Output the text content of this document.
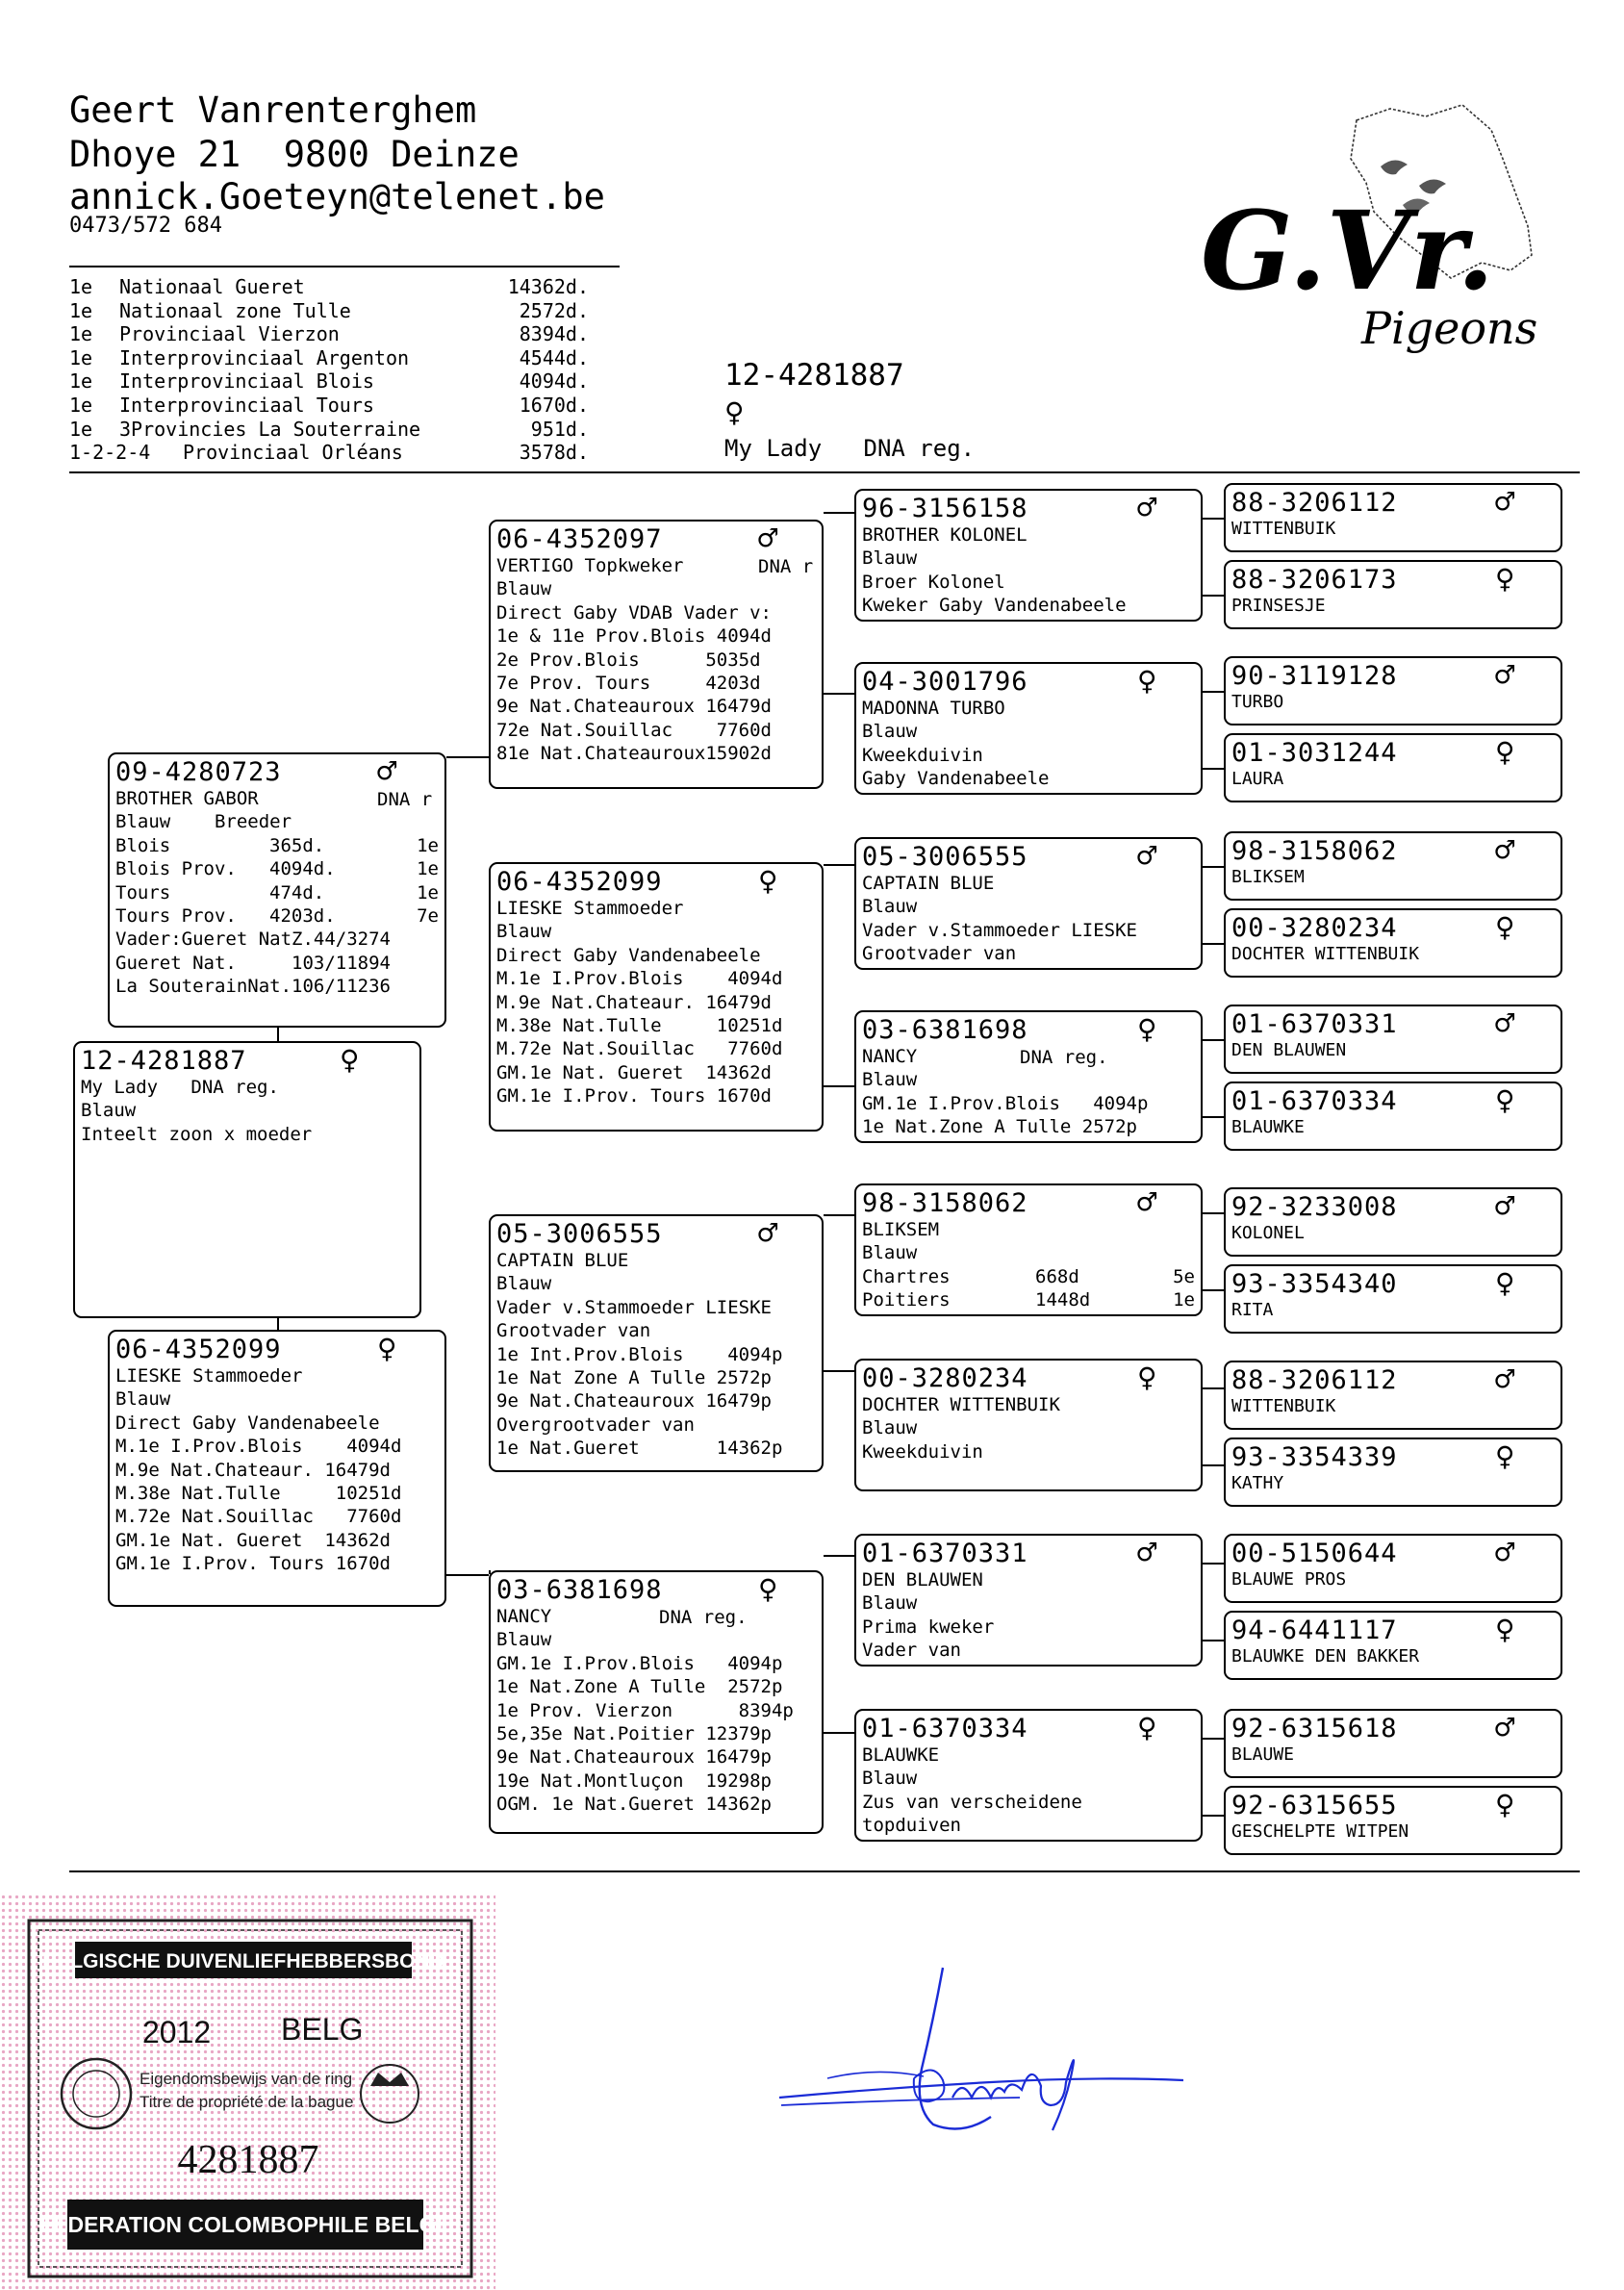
Geert Vanrenterghem
Dhoye 21  9800 Deinze
annick.Goeteyn@telenet.be
0473/572 684
1e	Nationaal Gueret	14362d.
1e	Nationaal zone Tulle	2572d.
1e	Provinciaal Vierzon	8394d.
1e	Interprovinciaal Argenton	4544d.
1e	Interprovinciaal Blois	4094d.
1e	Interprovinciaal Tours	1670d.
1e	3Provincies La Souterraine	951d.
1-2-2-4	Provinciaal Orléans	3578d.
12-4281887
♀
My Lady   DNA reg.
G.Vr.
Pigeons
12-4281887	♀
My Lady   DNA reg.
Blauw
Inteelt zoon x moeder
09-4280723	♂
DNA r
BROTHER GABOR
Blauw    Breeder
Blois	365d.	1e
Blois Prov. 4094d.	1e
Tours	474d.	1e
Tours Prov. 4203d.	7e
Vader:Gueret NatZ.44/3274
Gueret Nat.     103/11894
La SouterainNat.106/11236
06-4352099	♀
LIESKE Stammoeder
Blauw
Direct Gaby Vandenabeele
M.1e I.Prov.Blois    4094d
M.9e Nat.Chateaur. 16479d
M.38e Nat.Tulle     10251d
M.72e Nat.Souillac   7760d
GM.1e Nat. Gueret  14362d
GM.1e I.Prov. Tours 1670d
06-4352097	♂
DNA r
VERTIGO Topkweker
Blauw
Direct Gaby VDAB Vader v:
1e & 11e Prov.Blois 4094d
2e Prov.Blois      5035d
7e Prov. Tours     4203d
9e Nat.Chateauroux 16479d
72e Nat.Souillac    7760d
81e Nat.Chateauroux15902d
06-4352099	♀
LIESKE Stammoeder
Blauw
Direct Gaby Vandenabeele
M.1e I.Prov.Blois    4094d
M.9e Nat.Chateaur. 16479d
M.38e Nat.Tulle     10251d
M.72e Nat.Souillac   7760d
GM.1e Nat. Gueret  14362d
GM.1e I.Prov. Tours 1670d
05-3006555	♂
CAPTAIN BLUE
Blauw
Vader v.Stammoeder LIESKE
Grootvader van
1e Int.Prov.Blois    4094p
1e Nat Zone A Tulle 2572p
9e Nat.Chateauroux 16479p
Overgrootvader van
1e Nat.Gueret       14362p
03-6381698	♀
DNA reg.
NANCY
Blauw
GM.1e I.Prov.Blois   4094p
1e Nat.Zone A Tulle  2572p
1e Prov. Vierzon      8394p
5e,35e Nat.Poitier 12379p
9e Nat.Chateauroux 16479p
19e Nat.Montluçon  19298p
OGM. 1e Nat.Gueret 14362p
96-3156158	♂
BROTHER KOLONEL
Blauw
Broer Kolonel
Kweker Gaby Vandenabeele
04-3001796	♀
MADONNA TURBO
Blauw
Kweekduivin
Gaby Vandenabeele
05-3006555	♂
CAPTAIN BLUE
Blauw
Vader v.Stammoeder LIESKE
Grootvader van
03-6381698	♀
DNA reg.
NANCY
Blauw
GM.1e I.Prov.Blois   4094p
1e Nat.Zone A Tulle 2572p
98-3158062	♂
BLIKSEM
Blauw
Chartres	668d	5e
Poitiers	1448d	1e
00-3280234	♀
DOCHTER WITTENBUIK
Blauw
Kweekduivin
01-6370331	♂
DEN BLAUWEN
Blauw
Prima kweker
Vader van
01-6370334	♀
BLAUWKE
Blauw
Zus van verscheidene
topduiven
88-3206112	♂
WITTENBUIK
88-3206173	♀
PRINSESJE
90-3119128	♂
TURBO
01-3031244	♀
LAURA
98-3158062	♂
BLIKSEM
00-3280234	♀
DOCHTER WITTENBUIK
01-6370331	♂
DEN BLAUWEN
01-6370334	♀
BLAUWKE
92-3233008	♂
KOLONEL
93-3354340	♀
RITA
88-3206112	♂
WITTENBUIK
93-3354339	♀
KATHY
00-5150644	♂
BLAUWE PROS
94-6441117	♀
BLAUWKE DEN BAKKER
92-6315618	♂
BLAUWE
92-6315655	♀
GESCHELPTE WITPEN
BELGISCHE DUIVENLIEFHEBBERSBOND
2012 BELG
Eigendomsbewijs van de ring
Titre de propriété de la bague
4281887
FEDERATION COLOMBOPHILE BELGE
